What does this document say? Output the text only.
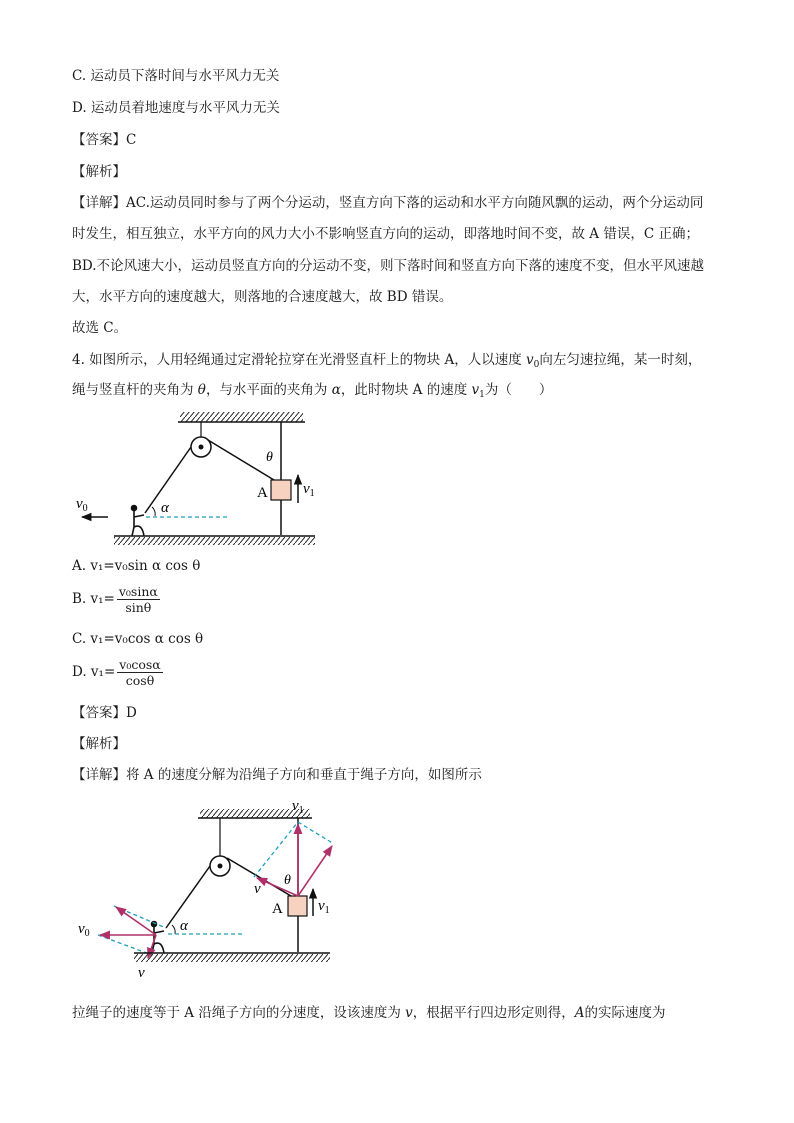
C. 运动员下落时间与水平风力无关
D. 运动员着地速度与水平风力无关
【答案】C
【解析】
【详解】AC.运动员同时参与了两个分运动，竖直方向下落的运动和水平方向随风飘的运动，两个分运动同
时发生，相互独立，水平方向的风力大小不影响竖直方向的运动，即落地时间不变，故 A 错误，C 正确；
BD.不论风速大小，运动员竖直方向的分运动不变，则下落时间和竖直方向下落的速度不变，但水平风速越
大，水平方向的速度越大，则落地的合速度越大，故 BD 错误。
故选 C。
4. 如图所示，人用轻绳通过定滑轮拉穿在光滑竖直杆上的物块 A，人以速度 $v_0$向左匀速拉绳，某一时刻，
绳与竖直杆的夹角为 θ，与水平面的夹角为 α，此时物块 A 的速度 $v_1$为（　　）
A
θ
$v_1$
α
$v_0$
A. v₁=v₀sin α cos θ
B. $v_1= \frac{\text{v₀sinα}}{\sin\theta}$
C. v₁=v₀cos α cos θ
D. $v_1= \frac{\text{v₀cosα}}{\cos\theta}$
【答案】D
【解析】
【详解】将 A 的速度分解为沿绳子方向和垂直于绳子方向，如图所示
A
θ
$v_1$
$v_1$
v
α
$v_0$
v
拉绳子的速度等于 A 沿绳子方向的分速度，设该速度为 v，根据平行四边形定则得，A的实际速度为
